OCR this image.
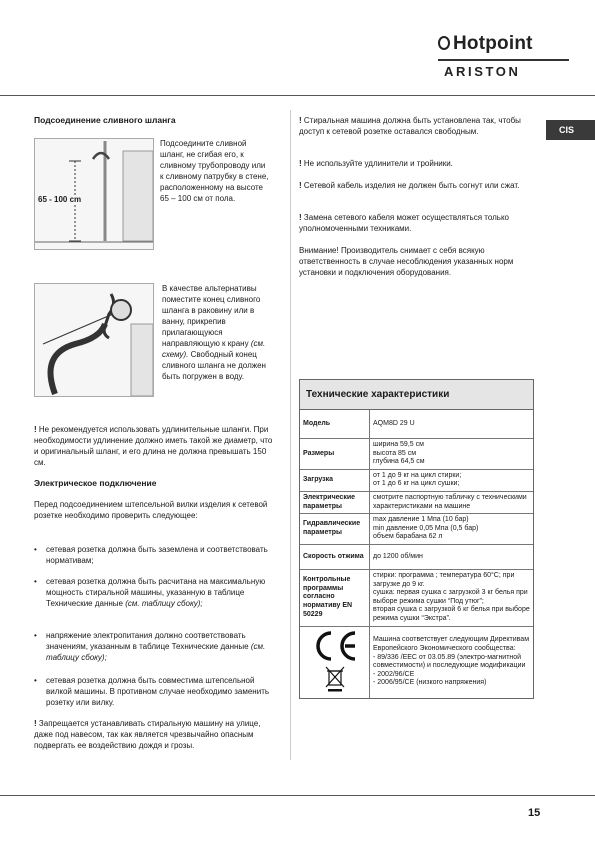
Hotpoint
ARISTON
CIS
Подсоединение сливного шланга
65 - 100 cm
Подсоедините сливной шланг, не сгибая его, к сливному трубопроводу или к сливному патрубку в стене, расположенному на высоте 65 – 100 см от пола.
В качестве альтернативы поместите конец сливного шланга в раковину или в ванну, прикрепив прилагающуюся направляющую к крану (см. схему). Свободный конец сливного шланга не должен быть погружен в воду.
! Не рекомендуется использовать удлинительные шланги. При необходимости удлинение должно иметь такой же диаметр, что и оригинальный шланг, и его длина не должна превышать 150 см.
Электрическое подключение
Перед подсоединением штепсельной вилки изделия к сетевой розетке необходимо проверить следующее:
•	сетевая розетка должна быть заземлена и соответствовать нормативам;
•	сетевая розетка должна быть расчитана на максимальную мощность стиральной машины, указанную в таблице Технические данные (см. таблицу сбоку);
•	напряжение электропитания должно соответствовать значениям, указанным в таблице Технические данные (см. таблицу сбоку);
•	сетевая розетка должна быть совместима штепсельной вилкой машины. В противном случае необходимо заменить розетку или вилку.
! Запрещается устанавливать стиральную машину на улице, даже под навесом, так как является чрезвычайно опасным подвергать ее воздействию дождя и грозы.
! Стиральная машина должна быть установлена так, чтобы доступ к сетевой розетке оставался свободным.
! Не используйте удлинители и тройники.
! Сетевой кабель изделия не должен быть согнут или сжат.
! Замена сетевого кабеля может осуществляться только уполномоченными техниками.
Внимание! Производитель снимает с себя всякую ответственность в случае несоблюдения указанных норм установки и подключения оборудования.
Технические характеристики
Модель	AQM8D 29 U

Размеры	ширина 59,5 см
высота 85 см
глубина 64,5 см

Загрузка	от 1 до 9 кг на цикл стирки;
от 1 до 6 кг на цикл сушки;

Электрические параметры	смотрите паспортную табличку с техническими характеристиками на машине

Гидравлические параметры	max давление 1 Мпа (10 бар)
min давление 0,05 Мпа (0,5 бар)
объем барабана 62 л

Скорость отжима	до 1200 об/мин

Контрольные программы согласно нормативу EN 50229	стирки: программа ; температура 60°С; при загрузке до 9 кг.
сушка: первая сушка с загрузкой 3 кг белья при выборе режима сушки “Под утюг”;
вторая сушка с загрузкой 6 кг белья при выборе режима сушки “Экстра”.

Машина соответствует следующим Директивам Европейского Экономического сообщества:
- 89/336 /ЕЕС от 03.05.89 (электро-магнитной совместимости) и последующие модификации
- 2002/96/CE
- 2006/95/CE (низкого напряжения)
15
